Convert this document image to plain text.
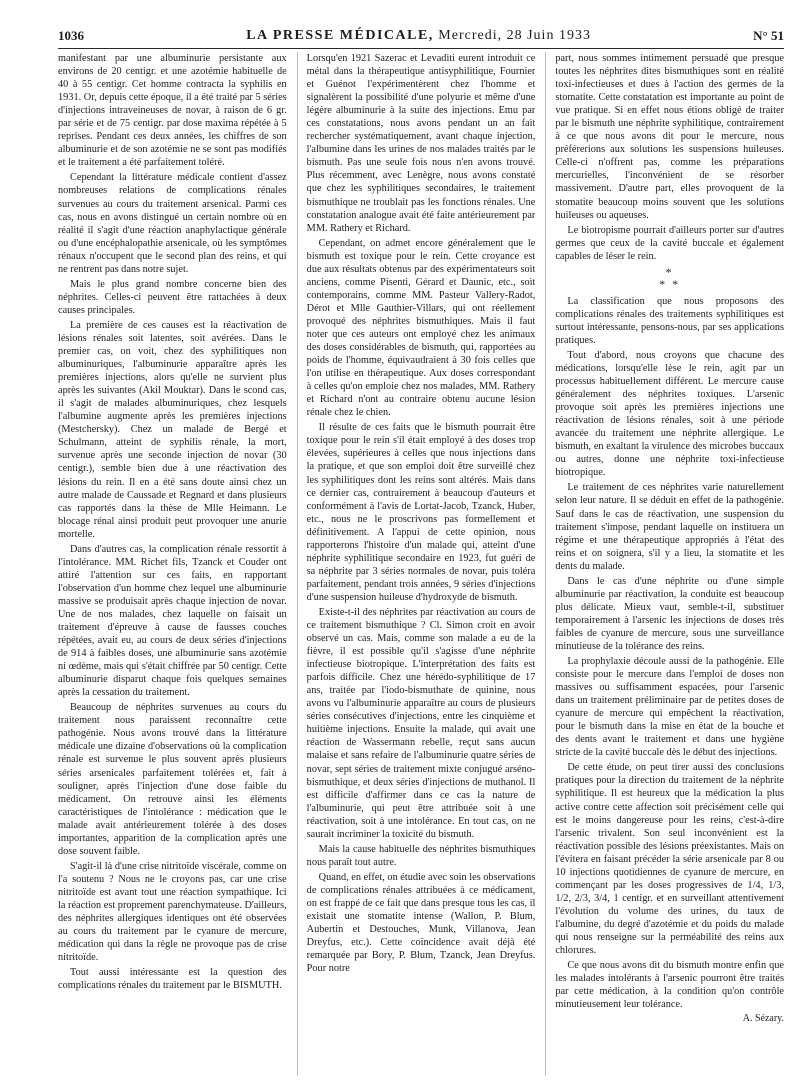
1036	LA PRESSE MÉDICALE, Mercredi, 28 Juin 1933	N° 51

manifestant par une albuminurie persistante aux environs de 20 centigr. et une azotémie habituelle de 40 à 55 centigr. Cet homme contracta la syphilis en 1931. Or, depuis cette époque, il a été traité par 5 séries d'injections intraveineuses de novar, à raison de 6 gr. par série et de 75 centigr. par dose maxima répétée à 5 reprises. Pendant ces deux années, les chiffres de son albuminurie et de son azotémie ne se sont pas modifiés et le traitement a été parfaitement toléré.

Cependant la littérature médicale contient d'assez nombreuses relations de complications rénales survenues au cours du traitement arsenical. Parmi ces cas, nous en avons distingué un certain nombre où en réalité il s'agit d'une réaction anaphylactique générale ou d'une encéphalopathie arsenicale, où les symptômes rénaux n'occupent que le second plan des reins, et qui ne rentrent pas dans notre sujet.

Mais le plus grand nombre concerne bien des néphrites. Celles-ci peuvent être rattachées à deux causes principales.

La première de ces causes est la réactivation de lésions rénales soit latentes, soit avérées. Dans le premier cas, on voit, chez des syphilitiques non albuminuriques, l'albuminurie apparaître après les premières injections, alors qu'elle ne survient plus après les suivantes (Akil Mouktar). Dans le scond cas, il s'agit de malades albuminuriques, chez lesquels l'albumine augmente après les premières injections (Mestchersky). Chez un malade de Bergé et Schulmann, atteint de syphilis rénale, la mort, survenue après une seconde injection de novar (30 centigr.), semble bien due à une réactivation des lésions du rein. Il en a été sans doute ainsi chez un autre malade de Caussade et Regnard et dans plusieurs cas rapportés dans la thèse de Mlle Heimann. Le blocage rénal ainsi produit peut provoquer une anurie mortelle.

Dans d'autres cas, la complication rénale ressortit à l'intolérance. MM. Richet fils, Tzanck et Couder ont attiré l'attention sur ces faits, en rapportant l'observation d'un homme chez lequel une albuminurie massive se produisait après chaque injection de novar. Une de nos malades, chez laquelle on faisait un traitement d'épreuve à cause de fausses couches répétées, avait eu, au cours de deux séries d'injections de 914 à faibles doses, une albuminurie sans azotémie ni œdème, mais qui s'était chiffrée par 50 centigr. Cette albuminurie disparut chaque fois quelques semaines après la cessation du traitement.

Beaucoup de néphrites survenues au cours du traitement nous paraissent reconnaître cette pathogénie. Nous avons trouvé dans la littérature médicale une dizaine d'observations où la complication rénale est survenue le plus souvent après plusieurs séries arsenicales parfaitement tolérées et, fait à souligner, après l'injection d'une dose faible du médicament. On retrouve ainsi les éléments caractéristiques de l'intolérance : médication que le malade avait antérieurement tolérée à des doses importantes, apparition de la complication après une dose souvent faible.

S'agit-il là d'une crise nitritoïde viscérale, comme on l'a soutenu ? Nous ne le croyons pas, car une crise nitritoïde est avant tout une réaction sympathique. Ici la réaction est proprement parenchymateuse. D'ailleurs, des néphrites allergiques identiques ont été observées au cours du traitement par le cyanure de mercure, médication qui dans la règle ne provoque pas de crise nitritoïde.

Tout aussi intéressante est la question des complications rénales du traitement par le BISMUTH.

Lorsqu'en 1921 Sazerac et Levaditi eurent introduit ce métal dans la thérapeutique antisyphilitique, Fournier et Guénot l'expérimentèrent chez l'homme et signalèrent la possibilité d'une polyurie et même d'une légère albuminurie à la suite des injections. Emu par ces constatations, nous avons pendant un an fait rechercher systématiquement, avant chaque injection, l'albumine dans les urines de nos malades traités par le bismuth. Pas une seule fois nous n'en avons trouvé. Plus récemment, avec Lenègre, nous avons constaté que chez les syphilitiques secondaires, le traitement bismuthique ne troublait pas les fonctions rénales. Une constatation analogue avait été faite antérieurement par MM. Rathery et Richard.

Cependant, on admet encore généralement que le bismuth est toxique pour le rein. Cette croyance est due aux résultats obtenus par des expérimentateurs soit anciens, comme Pisenti, Gérard et Daunic, etc., soit contemporains, comme MM. Pasteur Vallery-Radot, Dérot et Mlle Gauthier-Villars, qui ont réellement provoqué des néphrites bismuthiques. Mais il faut noter que ces auteurs ont employé chez les animaux des doses considérables de bismuth, qui, rapportées au poids de l'homme, équivaudraient à 30 fois celles que l'on utilise en thérapeutique. Aux doses correspondant à celles qu'on emploie chez nos malades, MM. Rathery et Richard n'ont au contraire obtenu aucune lésion rénale chez le chien.

Il résulte de ces faits que le bismuth pourrait être toxique pour le rein s'il était employé à des doses trop élevées, supérieures à celles que nous injections dans la pratique, et que son emploi doit être surveillé chez les syphilitiques dont les reins sont altérés. Mais dans ce dernier cas, contrairement à beaucoup d'auteurs et conformément à l'avis de Lortat-Jacob, Tzanck, Huber, etc., nous ne le proscrivons pas formellement et définitivement. A l'appui de cette opinion, nous rapporterons l'histoire d'un malade qui, atteint d'une néphrite syphilitique secondaire en 1923, fut guéri de sa néphrite par 3 séries normales de novar, puis toléra parfaitement, pendant trois années, 9 séries d'injections d'une suspension huileuse d'hydroxyde de bismuth.

Existe-t-il des néphrites par réactivation au cours de ce traitement bismuthique ? Cl. Simon croit en avoir observé un cas. Mais, comme son malade a eu de la fièvre, il est possible qu'il s'agisse d'une néphrite infectieuse biotropique. L'interprétation des faits est parfois difficile. Chez une hérédo-syphilitique de 17 ans, traitée par l'iodo-bismuthate de quinine, nous avons vu l'albuminurie apparaître au cours de plusieurs séries consécutives d'injections, entre les cinquième et huitième injections. Ensuite la malade, qui avait une réaction de Wassermann rebelle, reçut sans aucun malaise et sans refaire de l'albuminurie quatre séries de novar, sept séries de traitement mixte conjugué arséno-bismuthique, et deux séries d'injections de muthanol. Il est difficile d'affirmer dans ce cas la nature de l'albuminurie, qui peut être attribuée soit à une réactivation, soit à une intolérance. En tout cas, on ne saurait incriminer la toxicité du bismuth.

Mais la cause habituelle des néphrites bismuthiques nous paraît tout autre.

Quand, en effet, on étudie avec soin les observations de complications rénales attribuées à ce médicament, on est frappé de ce fait que dans presque tous les cas, il existait une stomatite intense (Wallon, P. Blum, Aubertin et Destouches, Munk, Villanova, Jean Dreyfus, etc.). Cette coïncidence avait déjà été remarquée par Bory, P. Blum, Tzanck, Jean Dreyfus. Pour notre

part, nous sommes intimement persuadé que presque toutes les néphrites dites bismuthiques sont en réalité toxi-infectieuses et dues à l'action des germes de la stomatite. Cette constatation est importante au point de vue pratique. Si en effet nous étions obligé de traiter par le bismuth une néphrite syphilitique, contrairement à ce que nous avons dit pour le mercure, nous préférerions aux solutions les suspensions huileuses. Celle-ci n'offrent pas, comme les préparations mercurielles, l'inconvénient de se résorber massivement. D'autre part, elles provoquent de la stomatite beaucoup moins souvent que les solutions huileuses ou aqueuses.

Le biotropisme pourrait d'ailleurs porter sur d'autres germes que ceux de la cavité buccale et également capables de léser le rein.

*
* *

La classification que nous proposons des complications rénales des traitements syphilitiques est surtout intéressante, pensons-nous, par ses applications pratiques.

Tout d'abord, nous croyons que chacune des médications, lorsqu'elle lèse le rein, agit par un processus habituellement différent. Le mercure cause généralement des néphrites toxiques. L'arsenic provoque soit après les premières injections une réactivation de lésions rénales, soit à une période avancée du traitement une néphrite allergique. Le bismuth, en exaltant la virulence des microbes buccaux ou autres, donne une néphrite toxi-infectieuse biotropique.

Le traitement de ces néphrites varie naturellement selon leur nature. Il se déduit en effet de la pathogénie. Sauf dans le cas de réactivation, une suspension du traitement s'impose, pendant laquelle on instituera un régime et une thérapeutique appropriés à l'état des reins et on soignera, s'il y a lieu, la stomatite et les dents du malade.

Dans le cas d'une néphrite ou d'une simple albuminurie par réactivation, la conduite est beaucoup plus délicate. Mieux vaut, semble-t-il, substituer temporairement à l'arsenic les injections de doses très faibles de cyanure de mercure, sous une surveillance minutieuse de la tolérance des reins.

La prophylaxie découle aussi de la pathogénie. Elle consiste pour le mercure dans l'emploi de doses non massives ou suffisamment espacées, pour l'arsenic dans un traitement préliminaire par de petites doses de cyanure de mercure qui empêchent la réactivation, pour le bismuth dans la mise en état de la bouche et des dents avant le traitement et dans une hygiène stricte de la cavité buccale dès le début des injections.

De cette étude, on peut tirer aussi des conclusions pratiques pour la direction du traitement de la néphrite syphilitique. Il est heureux que la médication la plus active contre cette affection soit précisément celle qui est le moins dangereuse pour les reins, c'est-à-dire l'arsenic trivalent. Son seul inconvénient est la réactivation possible des lésions préexistantes. Mais on l'évitera en faisant précéder la série arsenicale par 8 ou 10 injections quotidiennes de cyanure de mercure, en commençant par les doses progressives de 1/4, 1/3, 1/2, 2/3, 3/4, 1 centigr. et en surveillant attentivement l'évolution du volume des urines, du taux de l'albumine, du degré d'azotémie et du poids du malade qui nous renseigne sur la perméabilité des reins aux chlorures.

Ce que nous avons dit du bismuth montre enfin que les malades intolérants à l'arsenic pourront être traités par cette médication, à la condition qu'on contrôle minutieusement leur tolérance.

A. Sézary.
